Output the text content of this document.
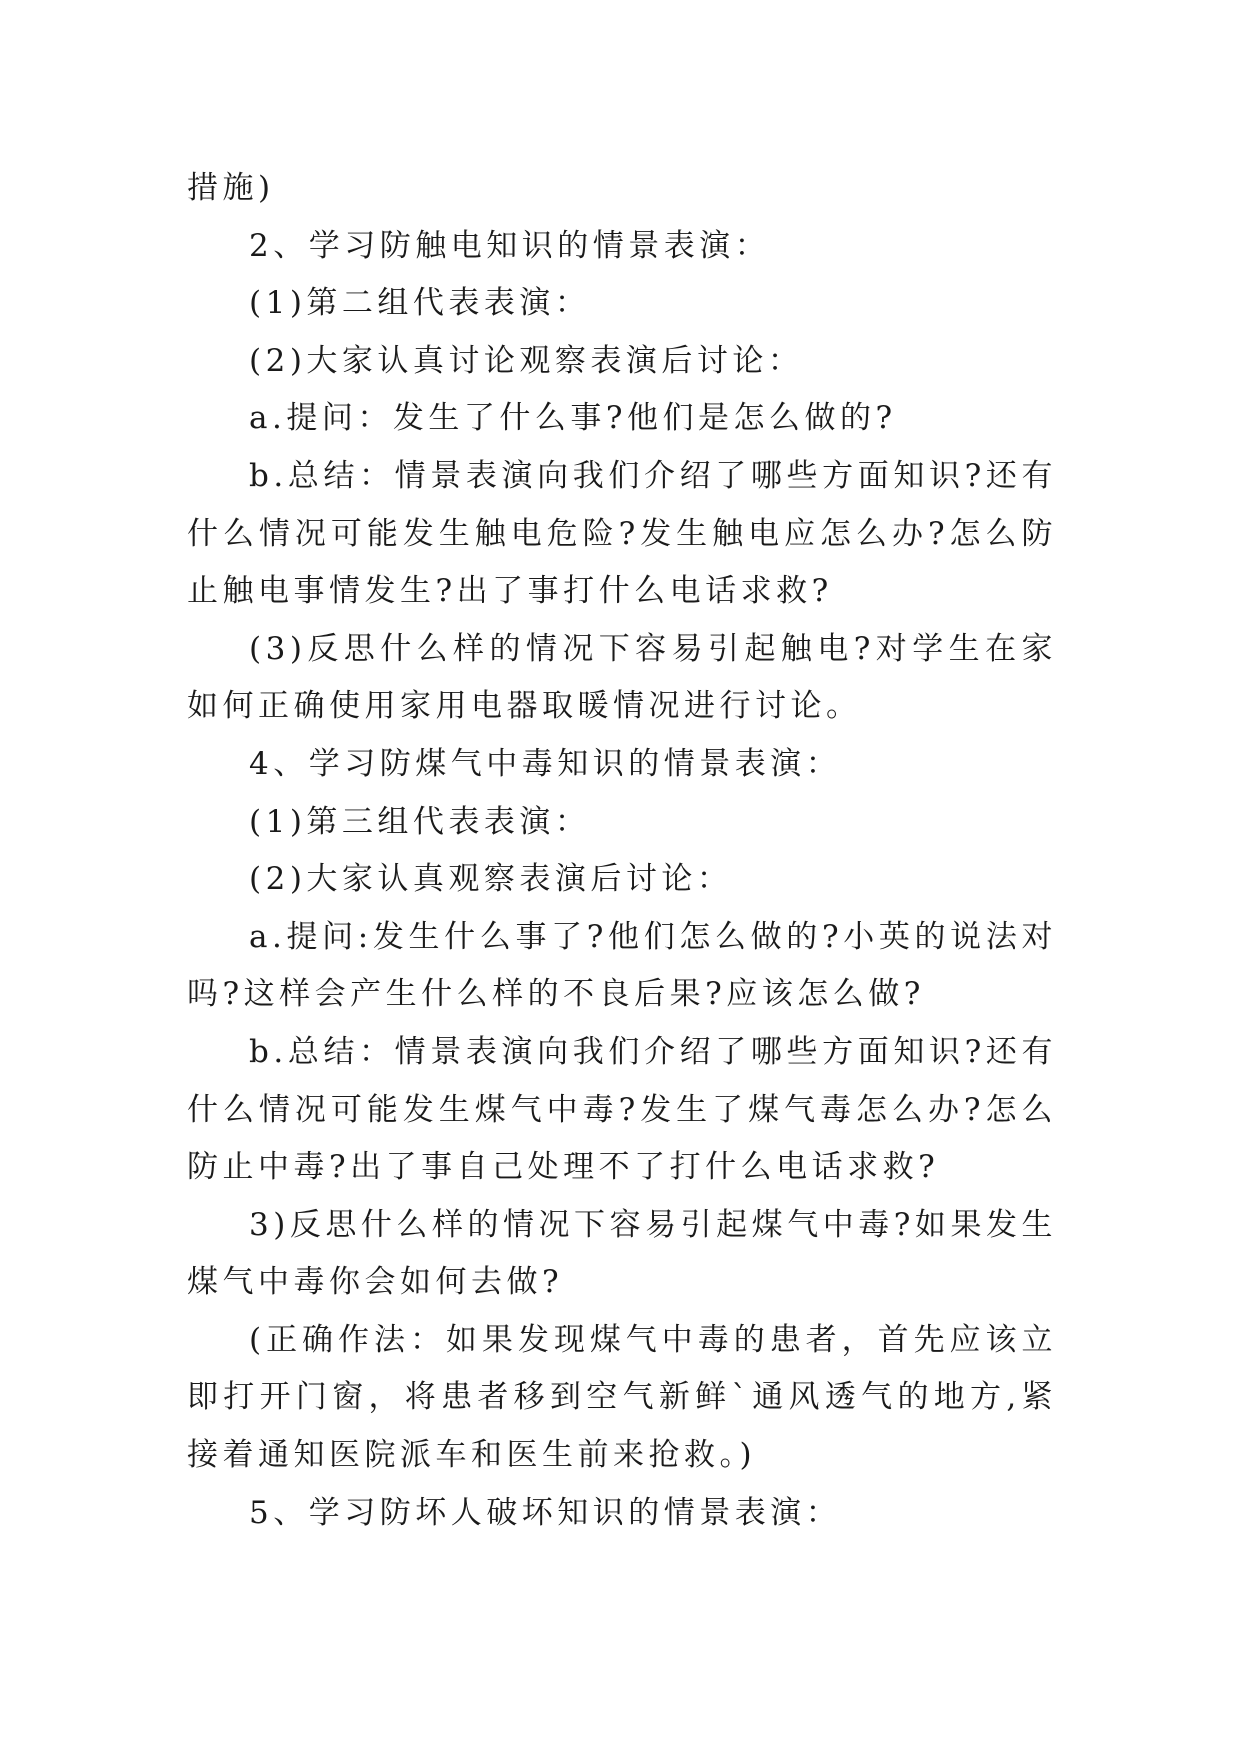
措施)

2、学习防触电知识的情景表演：

(1)第二组代表表演：

(2)大家认真讨论观察表演后讨论：

a.提问：发生了什么事?他们是怎么做的?

b.总结：情景表演向我们介绍了哪些方面知识?还有什么情况可能发生触电危险?发生触电应怎么办?怎么防止触电事情发生?出了事打什么电话求救?

(3)反思什么样的情况下容易引起触电?对学生在家如何正确使用家用电器取暖情况进行讨论。

4、学习防煤气中毒知识的情景表演：

(1)第三组代表表演：

(2)大家认真观察表演后讨论：

a.提问:发生什么事了?他们怎么做的?小英的说法对吗?这样会产生什么样的不良后果?应该怎么做?

b.总结：情景表演向我们介绍了哪些方面知识?还有什么情况可能发生煤气中毒?发生了煤气毒怎么办?怎么防止中毒?出了事自己处理不了打什么电话求救?

3)反思什么样的情况下容易引起煤气中毒?如果发生煤气中毒你会如何去做?

(正确作法：如果发现煤气中毒的患者，首先应该立即打开门窗，将患者移到空气新鲜`通风透气的地方,紧接着通知医院派车和医生前来抢救。)

5、学习防坏人破坏知识的情景表演：
